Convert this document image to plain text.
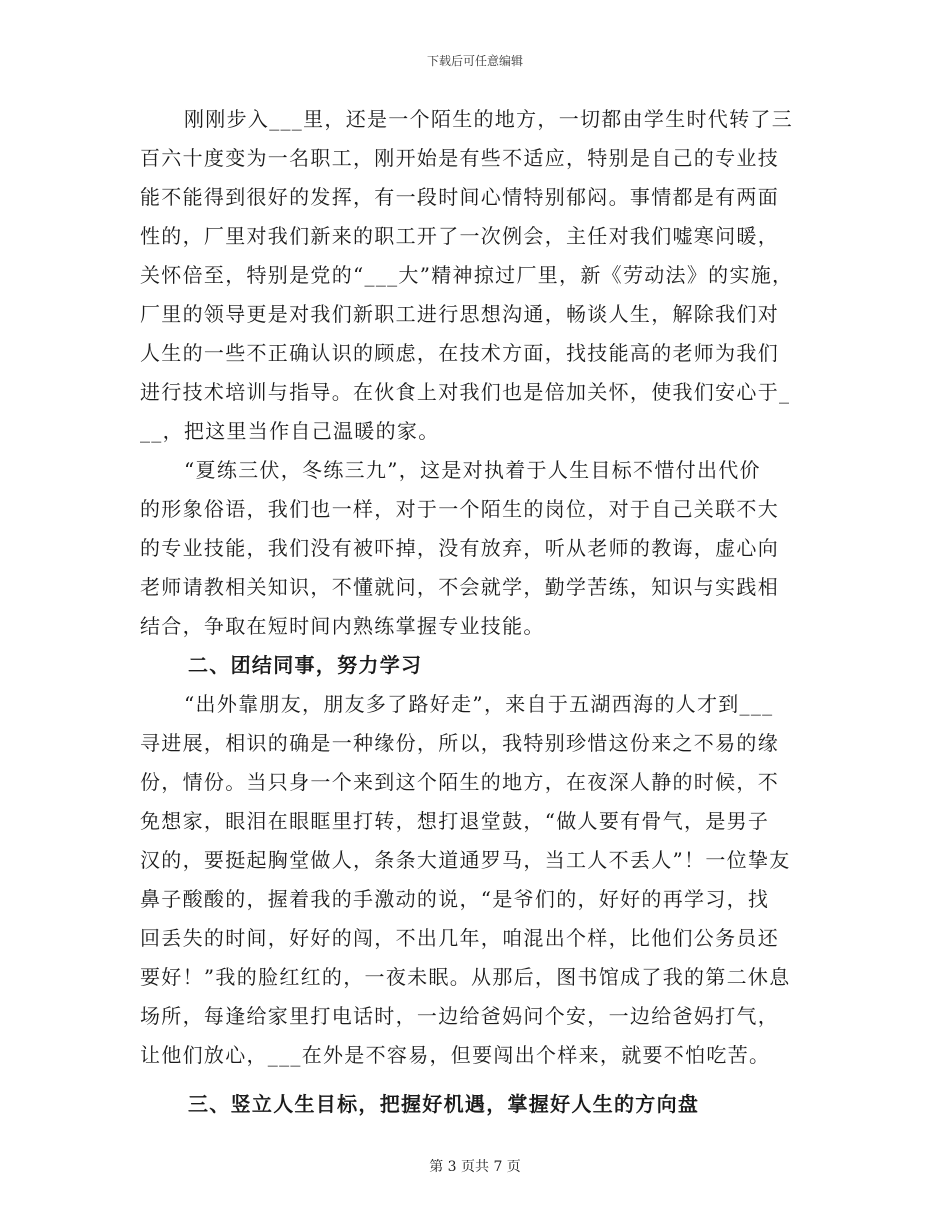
下载后可任意编辑
刚刚步入___里，还是一个陌生的地方，一切都由学生时代转了三
百六十度变为一名职工，刚开始是有些不适应，特别是自己的专业技
能不能得到很好的发挥，有一段时间心情特别郁闷。事情都是有两面
性的，厂里对我们新来的职工开了一次例会，主任对我们嘘寒问暖，
关怀倍至，特别是党的“___大”精神掠过厂里，新《劳动法》的实施，
厂里的领导更是对我们新职工进行思想沟通，畅谈人生，解除我们对
人生的一些不正确认识的顾虑，在技术方面，找技能高的老师为我们
进行技术培训与指导。在伙食上对我们也是倍加关怀，使我们安心于_
__，把这里当作自己温暖的家。
“夏练三伏，冬练三九”，这是对执着于人生目标不惜付出代价
的形象俗语，我们也一样，对于一个陌生的岗位，对于自己关联不大
的专业技能，我们没有被吓掉，没有放弃，听从老师的教诲，虚心向
老师请教相关知识，不懂就问，不会就学，勤学苦练，知识与实践相
结合，争取在短时间内熟练掌握专业技能。
二、团结同事，努力学习
“出外靠朋友，朋友多了路好走”，来自于五湖西海的人才到___
寻进展，相识的确是一种缘份，所以，我特别珍惜这份来之不易的缘
份，情份。当只身一个来到这个陌生的地方，在夜深人静的时候，不
免想家，眼泪在眼眶里打转，想打退堂鼓，“做人要有骨气，是男子
汉的，要挺起胸堂做人，条条大道通罗马，当工人不丢人”！一位挚友
鼻子酸酸的，握着我的手激动的说，“是爷们的，好好的再学习，找
回丢失的时间，好好的闯，不出几年，咱混出个样，比他们公务员还
要好！”我的脸红红的，一夜未眠。从那后，图书馆成了我的第二休息
场所，每逢给家里打电话时，一边给爸妈问个安，一边给爸妈打气，
让他们放心，___在外是不容易，但要闯出个样来，就要不怕吃苦。
三、竖立人生目标，把握好机遇，掌握好人生的方向盘
第 3 页共 7 页
